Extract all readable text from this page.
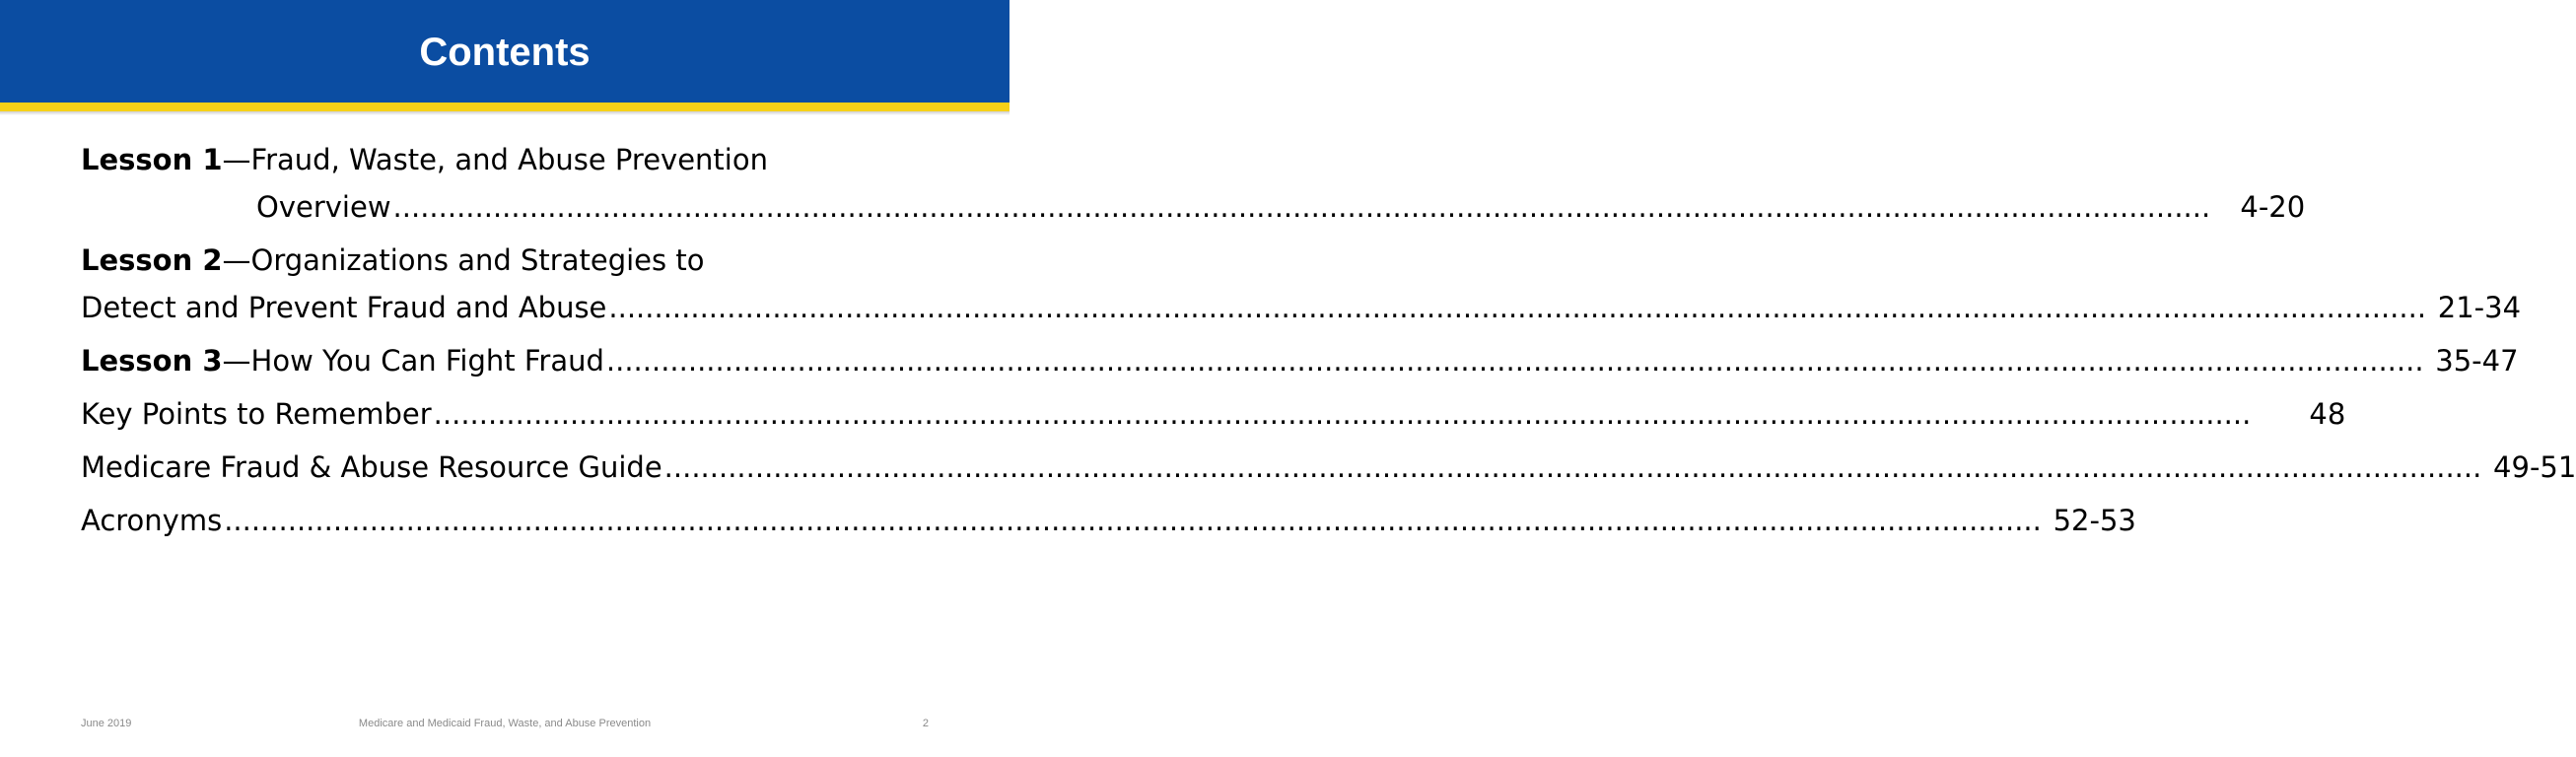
Contents
Lesson 1 —Fraud, Waste, and Abuse Prevention
Overview ........................................................................................................................................................................................................	4-20
Lesson 2 —Organizations and Strategies to
Detect and Prevent Fraud and Abuse ........................................................................................................................................................................................................ 21-34
Lesson 3 —How You Can Fight Fraud ........................................................................................................................................................................................................ 35-47
Key Points to Remember ........................................................................................................................................................................................................	48
Medicare Fraud & Abuse Resource Guide ........................................................................................................................................................................................................ 49-51
Acronyms ........................................................................................................................................................................................................ 52-53
June 2019	Medicare and Medicaid Fraud, Waste, and Abuse Prevention	2
